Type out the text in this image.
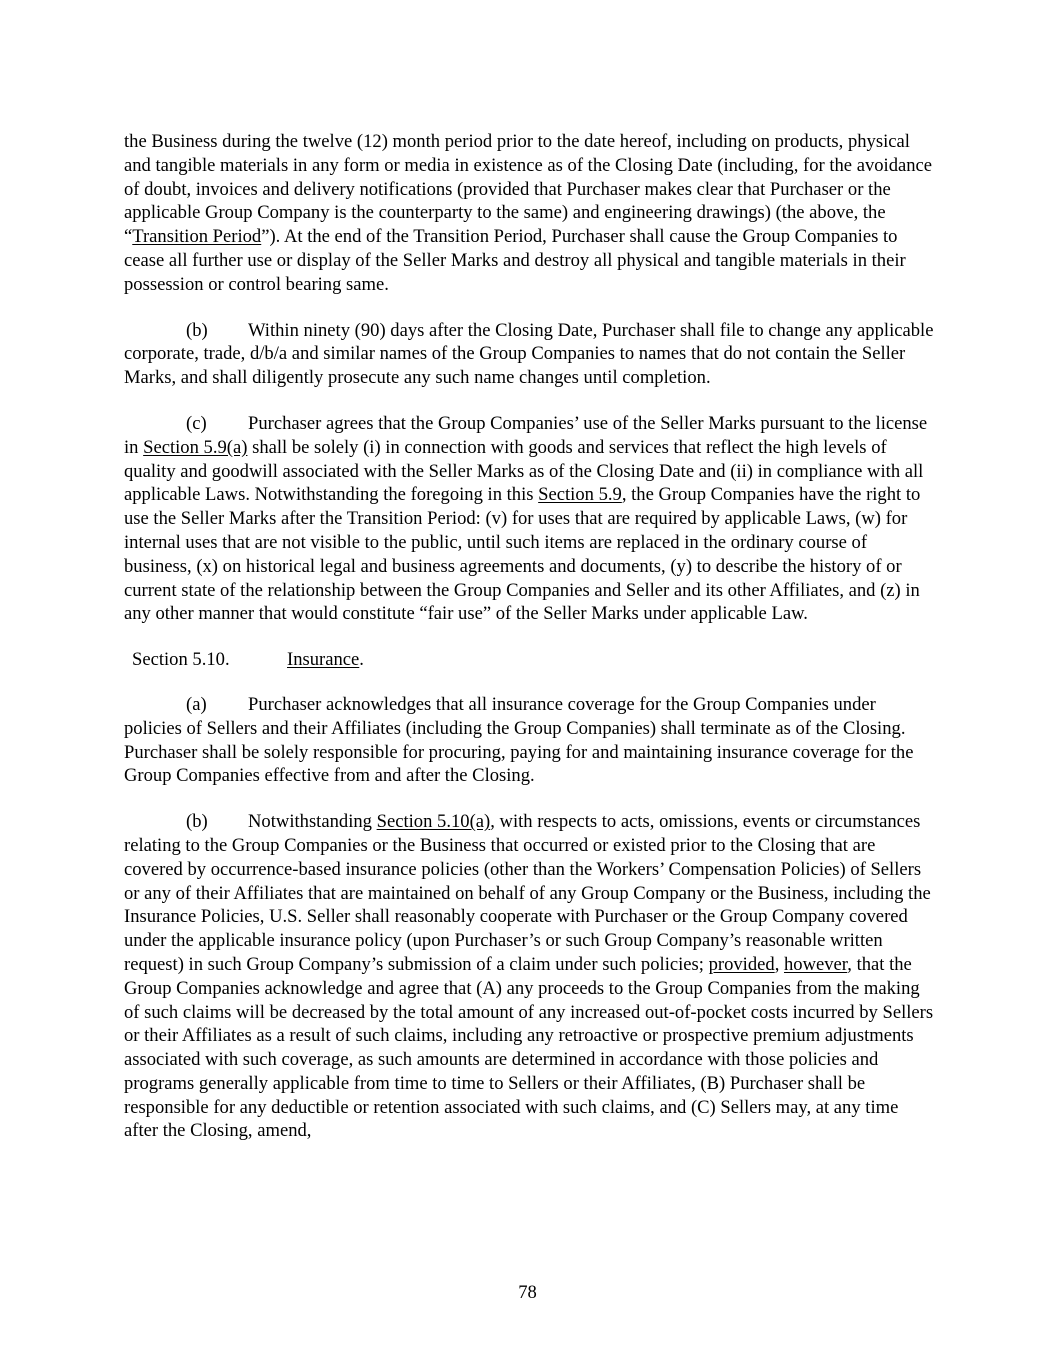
the Business during the twelve (12) month period prior to the date hereof, including on products, physical and tangible materials in any form or media in existence as of the Closing Date (including, for the avoidance of doubt, invoices and delivery notifications (provided that Purchaser makes clear that Purchaser or the applicable Group Company is the counterparty to the same) and engineering drawings) (the above, the “Transition Period”). At the end of the Transition Period, Purchaser shall cause the Group Companies to cease all further use or display of the Seller Marks and destroy all physical and tangible materials in their possession or control bearing same.

(b) Within ninety (90) days after the Closing Date, Purchaser shall file to change any applicable corporate, trade, d/b/a and similar names of the Group Companies to names that do not contain the Seller Marks, and shall diligently prosecute any such name changes until completion.

(c) Purchaser agrees that the Group Companies’ use of the Seller Marks pursuant to the license in Section 5.9(a) shall be solely (i) in connection with goods and services that reflect the high levels of quality and goodwill associated with the Seller Marks as of the Closing Date and (ii) in compliance with all applicable Laws. Notwithstanding the foregoing in this Section 5.9, the Group Companies have the right to use the Seller Marks after the Transition Period: (v) for uses that are required by applicable Laws, (w) for internal uses that are not visible to the public, until such items are replaced in the ordinary course of business, (x) on historical legal and business agreements and documents, (y) to describe the history of or current state of the relationship between the Group Companies and Seller and its other Affiliates, and (z) in any other manner that would constitute “fair use” of the Seller Marks under applicable Law.

Section 5.10.	Insurance.

(a) Purchaser acknowledges that all insurance coverage for the Group Companies under policies of Sellers and their Affiliates (including the Group Companies) shall terminate as of the Closing. Purchaser shall be solely responsible for procuring, paying for and maintaining insurance coverage for the Group Companies effective from and after the Closing.

(b) Notwithstanding Section 5.10(a), with respects to acts, omissions, events or circumstances relating to the Group Companies or the Business that occurred or existed prior to the Closing that are covered by occurrence-based insurance policies (other than the Workers’ Compensation Policies) of Sellers or any of their Affiliates that are maintained on behalf of any Group Company or the Business, including the Insurance Policies, U.S. Seller shall reasonably cooperate with Purchaser or the Group Company covered under the applicable insurance policy (upon Purchaser’s or such Group Company’s reasonable written request) in such Group Company’s submission of a claim under such policies; provided, however, that the Group Companies acknowledge and agree that (A) any proceeds to the Group Companies from the making of such claims will be decreased by the total amount of any increased out-of-pocket costs incurred by Sellers or their Affiliates as a result of such claims, including any retroactive or prospective premium adjustments associated with such coverage, as such amounts are determined in accordance with those policies and programs generally applicable from time to time to Sellers or their Affiliates, (B) Purchaser shall be responsible for any deductible or retention associated with such claims, and (C) Sellers may, at any time after the Closing, amend,

78
